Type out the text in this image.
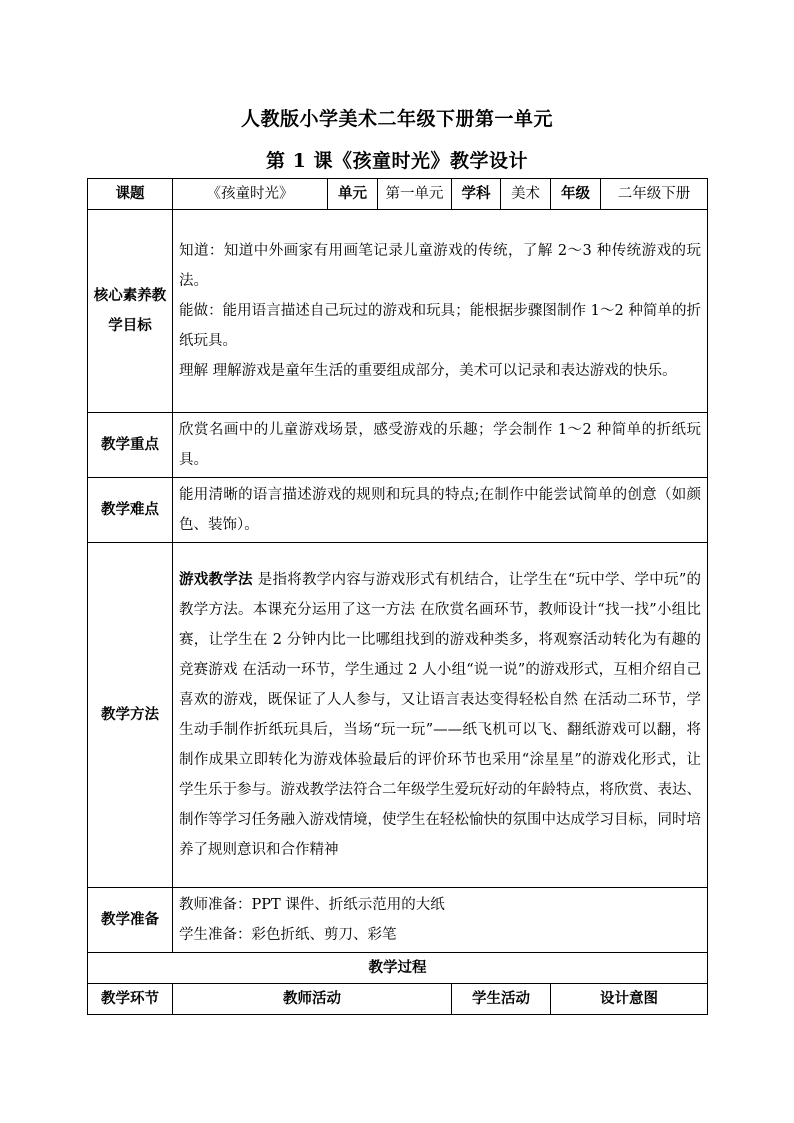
人教版小学美术二年级下册第一单元
第 1 课《孩童时光》教学设计
课题	《孩童时光》	单元	第一单元	学科	美术	年级	二年级下册
核心素养教学目标	知道：知道中外画家有用画笔记录儿童游戏的传统，了解 2～3 种传统游戏的玩法。

能做：能用语言描述自己玩过的游戏和玩具；能根据步骤图制作 1～2 种简单的折纸玩具。

理解 理解游戏是童年生活的重要组成部分，美术可以记录和表达游戏的快乐。						

教学重点	欣赏名画中的儿童游戏场景，感受游戏的乐趣；学会制作 1～2 种简单的折纸玩具。						
教学难点	能用清晰的语言描述游戏的规则和玩具的特点;在制作中能尝试简单的创意（如颜色、装饰）。						
教学方法	游戏教学法 是指将教学内容与游戏形式有机结合，让学生在“玩中学、学中玩”的教学方法。本课充分运用了这一方法 在欣赏名画环节，教师设计“找一找”小组比赛，让学生在 2 分钟内比一比哪组找到的游戏种类多，将观察活动转化为有趣的竞赛游戏 在活动一环节，学生通过 2 人小组“说一说”的游戏形式，互相介绍自己喜欢的游戏，既保证了人人参与，又让语言表达变得轻松自然 在活动二环节，学生动手制作折纸玩具后，当场“玩一玩”——纸飞机可以飞、翻纸游戏可以翻，将制作成果立即转化为游戏体验最后的评价环节也采用“涂星星”的游戏化形式，让学生乐于参与。游戏教学法符合二年级学生爱玩好动的年龄特点，将欣赏、表达、制作等学习任务融入游戏情境，使学生在轻松愉快的氛围中达成学习目标，同时培养了规则意识和合作精神						
教学准备	教师准备：PPT 课件、折纸示范用的大纸

学生准备：彩色折纸、剪刀、彩笔						

教学过程							
教学环节	教师活动			学生活动		设计意图	
